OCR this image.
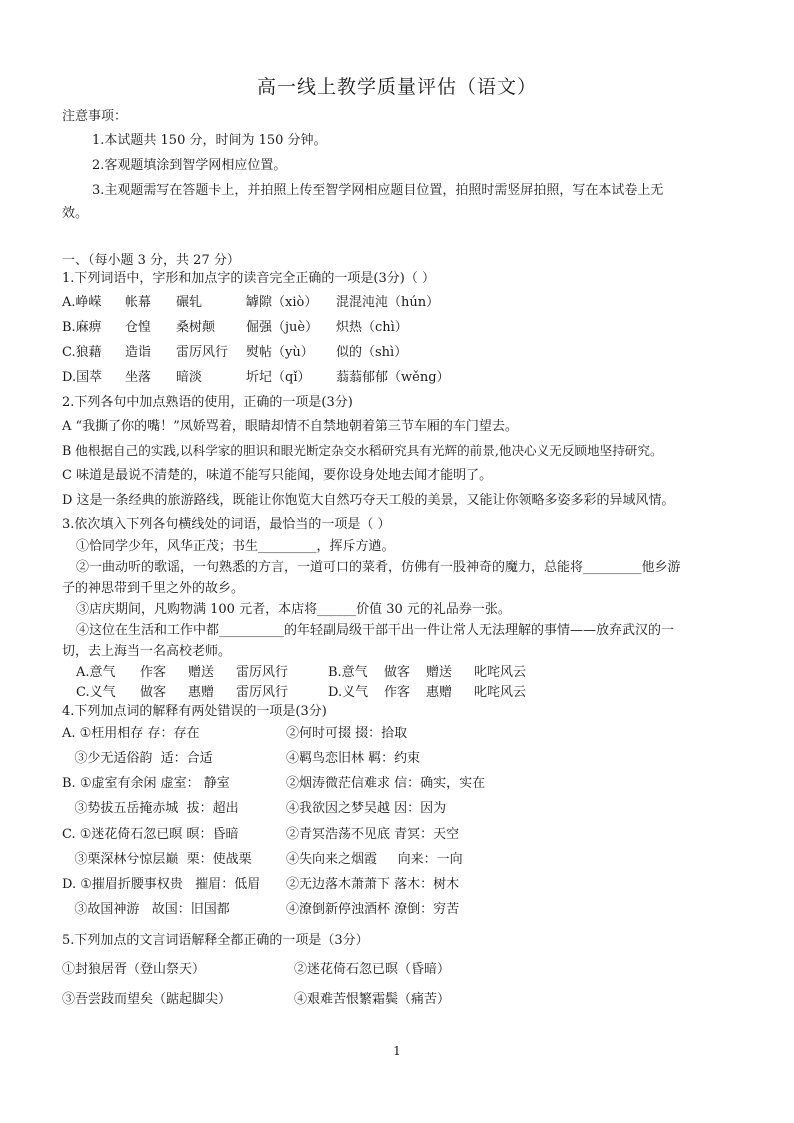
高一线上教学质量评估（语文）
注意事项：
1.本试题共 150 分，时间为 150 分钟。
2.客观题填涂到智学网相应位置。
3.主观题需写在答题卡上，并拍照上传至智学网相应题目位置，拍照时需竖屏拍照，写在本试卷上无
效。
一、（每小题 3 分，共 27 分）
1.下列词语中，字形和加点字的读音完全正确的一项是(3分)（ ）
A.峥嵘 帐幕 碾轧	罅隙（xiò） 混混沌沌（hún）
B.麻痹 仓惶 桑树颠 倔强（juè） 炽热（chì）
C.狼藉 造诣 雷厉风行 熨帖（yù） 似的（shì）
D.国萃 坐落 暗淡	圻圮（qǐ） 蓊蓊郁郁（wěng）
2.下列各句中加点熟语的使用，正确的一项是(3分)
A “我撕了你的嘴！”凤娇骂着，眼睛却情不自禁地朝着第三节车厢的车门望去。
B 他根据自己的实践,以科学家的胆识和眼光断定杂交水稻研究具有光辉的前景,他决心义无反顾地坚持研究。
C 味道是最说不清楚的，味道不能写只能闻，要你设身处地去闻才能明了。
D 这是一条经典的旅游路线，既能让你饱览大自然巧夺天工般的美景，又能让你领略多姿多彩的异域风情。
3.依次填入下列各句横线处的词语，最恰当的一项是（ ）
①恰同学少年，风华正茂；书生_________，挥斥方遒。
②一曲动听的歌谣，一句熟悉的方言，一道可口的菜肴，仿佛有一股神奇的魔力，总能将_________他乡游
子的神思带到千里之外的故乡。
③店庆期间，凡购物满 100 元者，本店将______价值 30 元的礼品券一张。
④这位在生活和工作中都__________的年轻副局级干部干出一件让常人无法理解的事情——放弃武汉的一
切，去上海当一名高校老师。
A.意气 作客 赠送 雷厉风行	B.意气 做客 赠送 叱咤风云
C.义气 做客 惠赠 雷厉风行	D.义气 作客 惠赠 叱咤风云
4.下列加点词的解释有两处错误的一项是(3分)
A. ①枉用相存 存：存在	②何时可掇 掇：拾取
③少无适俗韵  适：合适	④羁鸟恋旧林 羁：约束
B. ①虚室有余闲 虚室： 静室	②烟涛微茫信难求 信：确实，实在
③势拔五岳掩赤城  拔：超出	④我欲因之梦吴越 因：因为
C. ①迷花倚石忽已暝 暝：昏暗	②青冥浩荡不见底 青冥：天空
③栗深林兮惊层巅  栗：使战栗	④失向来之烟霞     向来：一向
D. ①摧眉折腰事权贵   摧眉：低眉 ②无边落木萧萧下 落木：树木
③故国神游   故国：旧国都	④潦倒新停浊酒杯 潦倒：穷苦
5.下列加点的文言词语解释全都正确的一项是（3分）
①封狼居胥（登山祭天）	②迷花倚石忽已暝（昏暗）
③吾尝跂而望矣（踮起脚尖）	④艰难苦恨繁霜鬓（痛苦）
1
